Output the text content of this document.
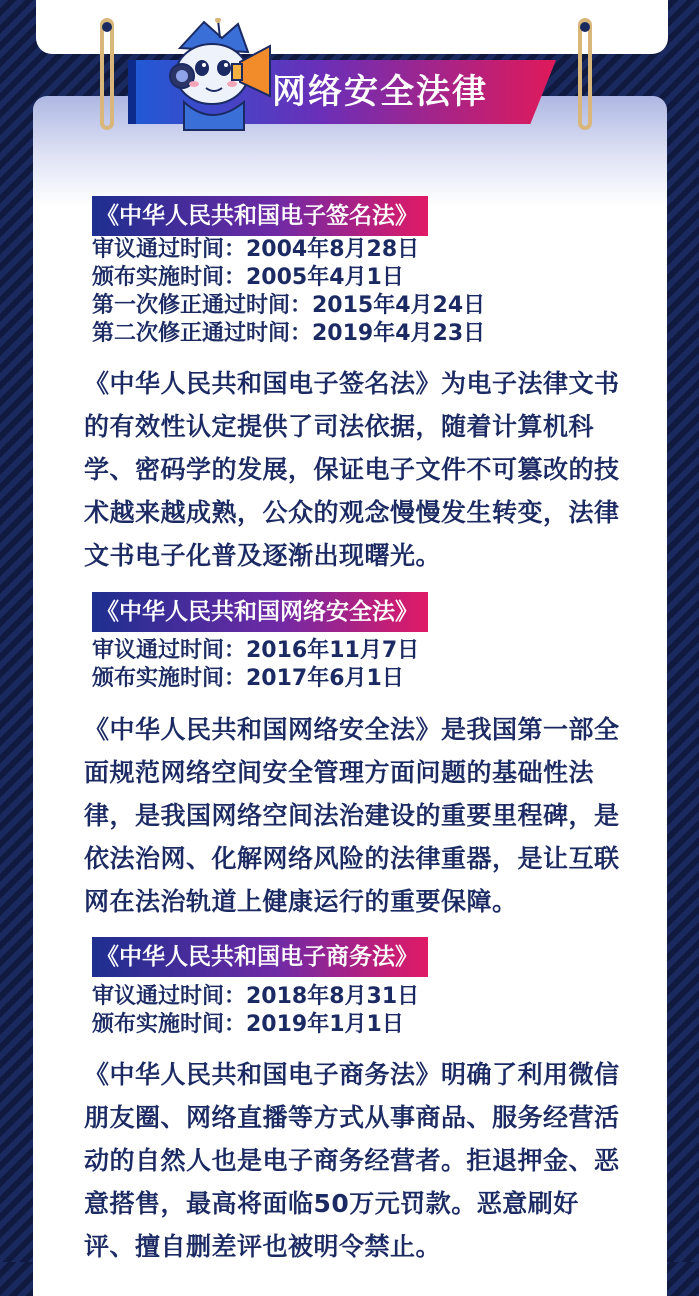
网络安全法律
《中华人民共和国电子签名法》
审议通过时间：2004年8月28日
颁布实施时间：2005年4月1日
第一次修正通过时间：2015年4月24日
第二次修正通过时间：2019年4月23日
《中华人民共和国电子签名法》为电子法律文书
的有效性认定提供了司法依据，随着计算机科
学、密码学的发展，保证电子文件不可篡改的技
术越来越成熟，公众的观念慢慢发生转变，法律
文书电子化普及逐渐出现曙光。
《中华人民共和国网络安全法》
审议通过时间：2016年11月7日
颁布实施时间：2017年6月1日
《中华人民共和国网络安全法》是我国第一部全
面规范网络空间安全管理方面问题的基础性法
律，是我国网络空间法治建设的重要里程碑，是
依法治网、化解网络风险的法律重器，是让互联
网在法治轨道上健康运行的重要保障。
《中华人民共和国电子商务法》
审议通过时间：2018年8月31日
颁布实施时间：2019年1月1日
《中华人民共和国电子商务法》明确了利用微信
朋友圈、网络直播等方式从事商品、服务经营活
动的自然人也是电子商务经营者。拒退押金、恶
意搭售，最高将面临50万元罚款。恶意刷好
评、擅自删差评也被明令禁止。
